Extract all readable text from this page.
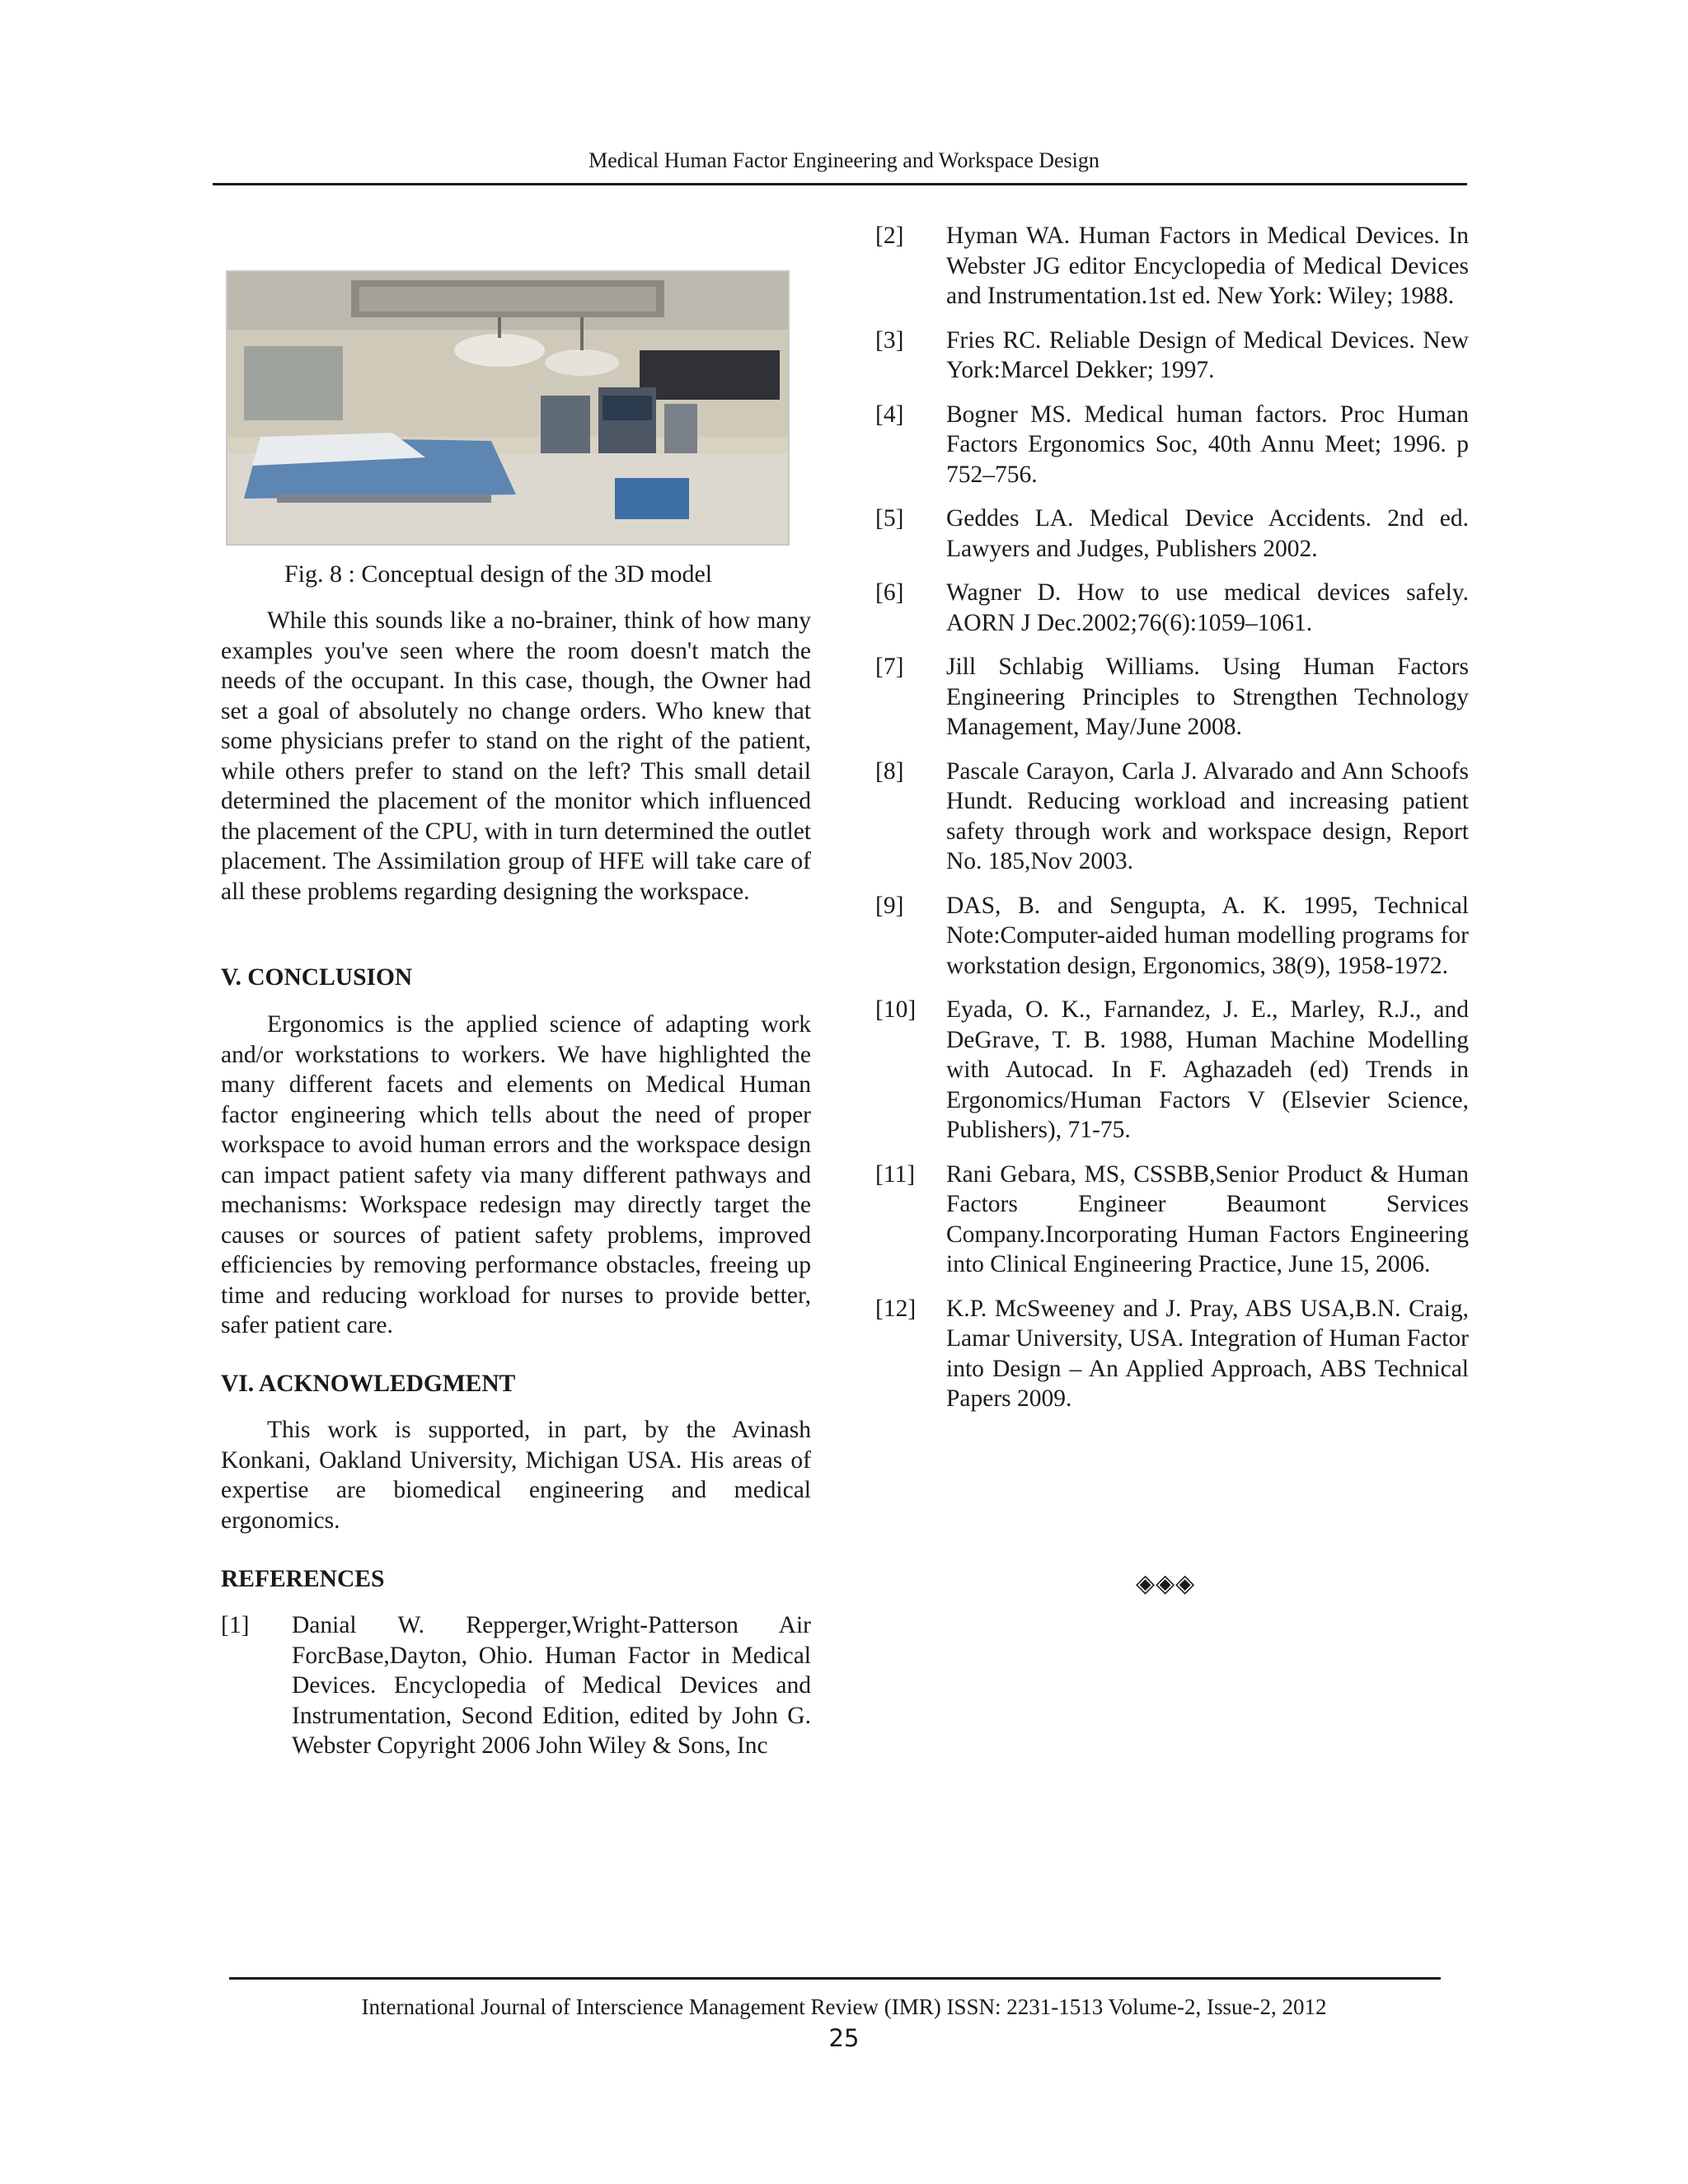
Medical Human Factor Engineering and Workspace Design
Fig. 8 : Conceptual design of the 3D model

While this sounds like a no-brainer, think of how many examples you've seen where the room doesn't match the needs of the occupant. In this case, though, the Owner had set a goal of absolutely no change orders. Who knew that some physicians prefer to stand on the right of the patient, while others prefer to stand on the left? This small detail determined the placement of the monitor which influenced the placement of the CPU, with in turn determined the outlet placement. The Assimilation group of HFE will take care of all these problems regarding designing the workspace.

V. CONCLUSION

Ergonomics is the applied science of adapting work and/or workstations to workers. We have highlighted the many different facets and elements on Medical Human factor engineering which tells about the need of proper workspace to avoid human errors and the workspace design can impact patient safety via many different pathways and mechanisms: Workspace redesign may directly target the causes or sources of patient safety problems, improved efficiencies by removing performance obstacles, freeing up time and reducing workload for nurses to provide better, safer patient care.

VI. ACKNOWLEDGMENT

This work is supported, in part, by the Avinash Konkani, Oakland University, Michigan USA. His areas of expertise are biomedical engineering and medical ergonomics.

REFERENCES
[1] Danial W. Repperger,Wright-Patterson Air ForcBase,Dayton, Ohio. Human Factor in Medical Devices. Encyclopedia of Medical Devices and Instrumentation, Second Edition, edited by John G. Webster Copyright 2006 John Wiley & Sons, Inc
[2] Hyman WA. Human Factors in Medical Devices. In Webster JG editor Encyclopedia of Medical Devices and Instrumentation.1st ed. New York: Wiley; 1988.
[3] Fries RC. Reliable Design of Medical Devices. New York:Marcel Dekker; 1997.
[4] Bogner MS. Medical human factors. Proc Human Factors Ergonomics Soc, 40th Annu Meet; 1996. p 752–756.
[5] Geddes LA. Medical Device Accidents. 2nd ed. Lawyers and Judges, Publishers 2002.
[6] Wagner D. How to use medical devices safely. AORN J Dec.2002;76(6):1059–1061.
[7] Jill Schlabig Williams. Using Human Factors Engineering Principles to Strengthen Technology Management, May/June 2008.
[8] Pascale Carayon, Carla J. Alvarado and Ann Schoofs Hundt. Reducing workload and increasing patient safety through work and workspace design, Report No. 185,Nov 2003.
[9] DAS, B. and Sengupta, A. K. 1995, Technical Note:Computer-aided human modelling programs for workstation design, Ergonomics, 38(9), 1958-1972.
[10] Eyada, O. K., Farnandez, J. E., Marley, R.J., and DeGrave, T. B. 1988, Human Machine Modelling with Autocad. In F. Aghazadeh (ed) Trends in Ergonomics/Human Factors V (Elsevier Science, Publishers), 71-75.
[11] Rani Gebara, MS, CSSBB,Senior Product & Human Factors Engineer Beaumont Services Company.Incorporating Human Factors Engineering into Clinical Engineering Practice, June 15, 2006.
[12] K.P. McSweeney and J. Pray, ABS USA,B.N. Craig, Lamar University, USA. Integration of Human Factor into Design – An Applied Approach, ABS Technical Papers 2009.
◈◈◈
International Journal of Interscience Management Review (IMR) ISSN: 2231-1513 Volume-2, Issue-2, 2012
25
